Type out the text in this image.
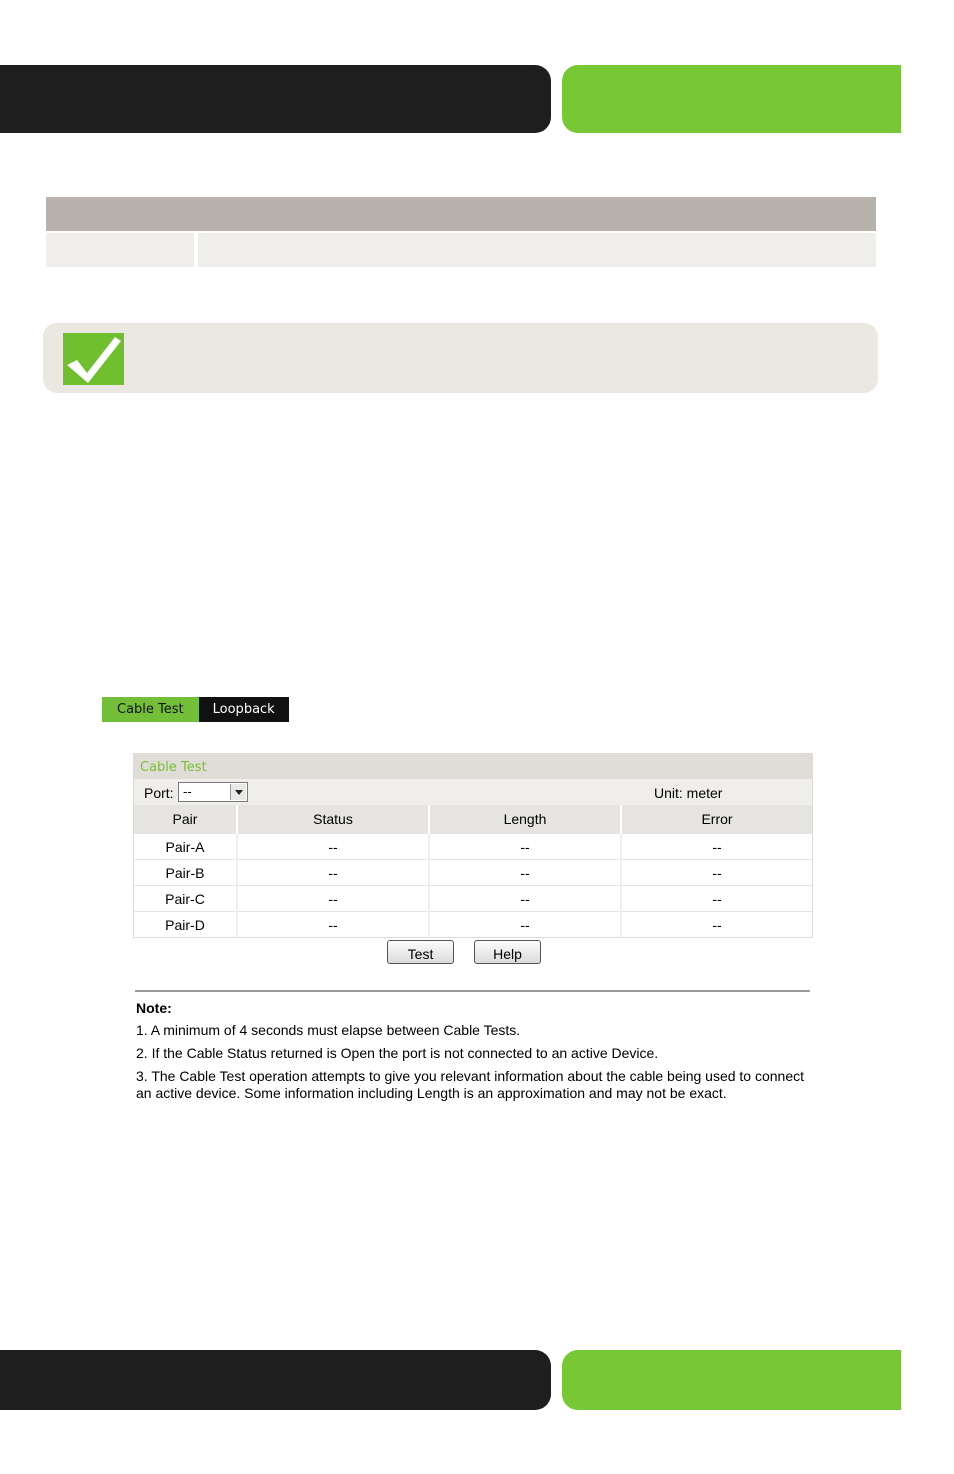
Cable Test	Loopback
Cable Test
Port: --	Unit: meter
Pair	Status	Length	Error
Pair-A	--	--	--
Pair-B	--	--	--
Pair-C	--	--	--
Pair-D	--	--	--
Test	Help
Note:
1. A minimum of 4 seconds must elapse between Cable Tests.
2. If the Cable Status returned is Open the port is not connected to an active Device.
3. The Cable Test operation attempts to give you relevant information about the cable being used to connect an active device. Some information including Length is an approximation and may not be exact.
